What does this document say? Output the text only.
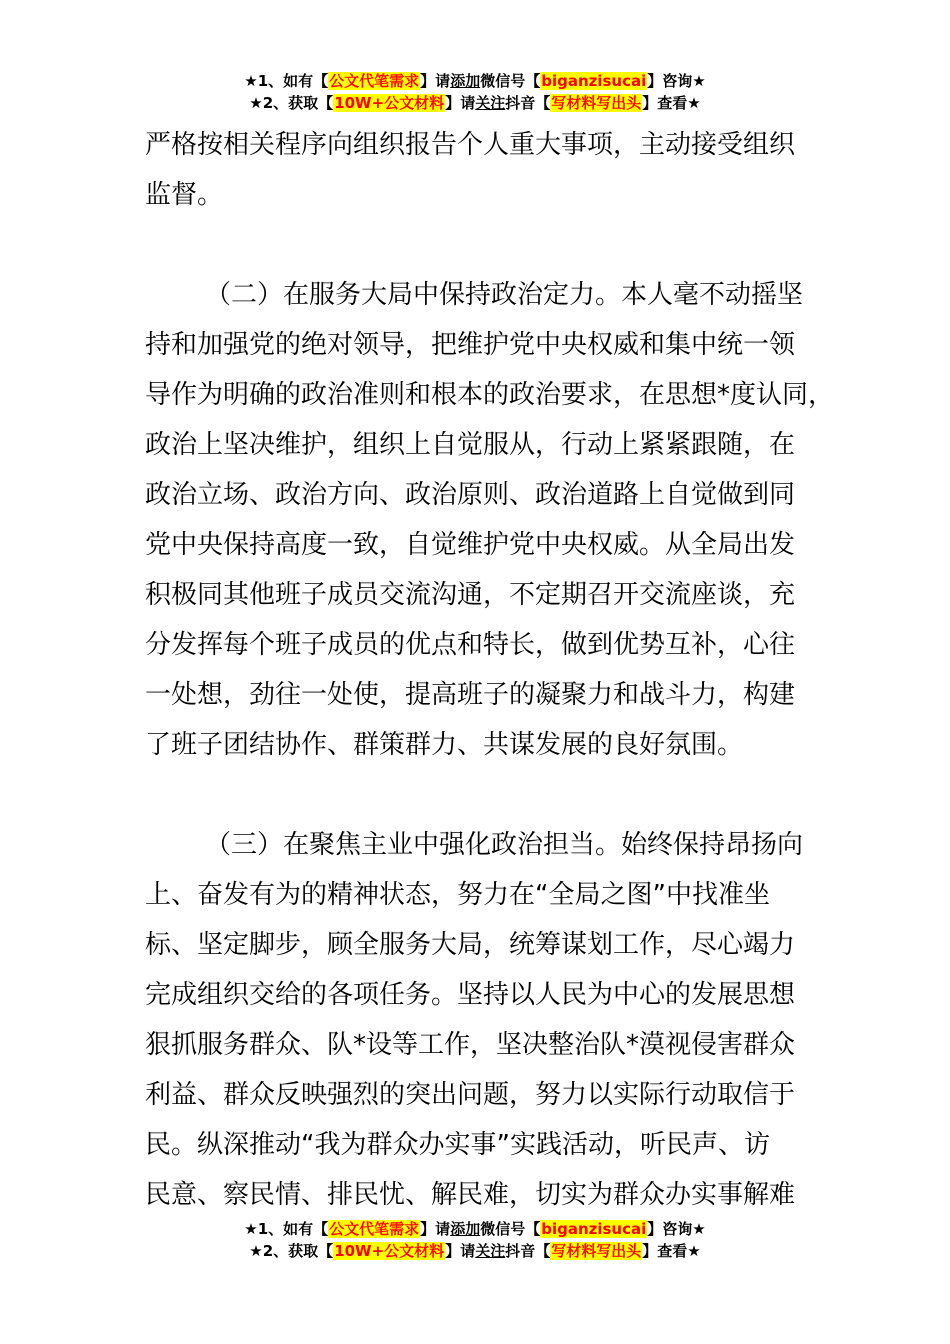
★1、如有【公文代笔需求】请添加微信号【biganzisucai】咨询★
★2、获取【10W+公文材料】请关注抖音【写材料写出头】查看★
严格按相关程序向组织报告个人重大事项，主动接受组织
监督。
（二）在服务大局中保持政治定力。本人毫不动摇坚
持和加强党的绝对领导，把维护党中央权威和集中统一领
导作为明确的政治准则和根本的政治要求，在思想*度认同，
政治上坚决维护，组织上自觉服从，行动上紧紧跟随，在
政治立场、政治方向、政治原则、政治道路上自觉做到同
党中央保持高度一致，自觉维护党中央权威。从全局出发
积极同其他班子成员交流沟通，不定期召开交流座谈，充
分发挥每个班子成员的优点和特长，做到优势互补，心往
一处想，劲往一处使，提高班子的凝聚力和战斗力，构建
了班子团结协作、群策群力、共谋发展的良好氛围。
（三）在聚焦主业中强化政治担当。始终保持昂扬向
上、奋发有为的精神状态，努力在“全局之图”中找准坐
标、坚定脚步，顾全服务大局，统筹谋划工作，尽心竭力
完成组织交给的各项任务。坚持以人民为中心的发展思想
狠抓服务群众、队*设等工作，坚决整治队*漠视侵害群众
利益、群众反映强烈的突出问题，努力以实际行动取信于
民。纵深推动“我为群众办实事”实践活动，听民声、访
民意、察民情、排民忧、解民难，切实为群众办实事解难
★1、如有【公文代笔需求】请添加微信号【biganzisucai】咨询★
★2、获取【10W+公文材料】请关注抖音【写材料写出头】查看★
